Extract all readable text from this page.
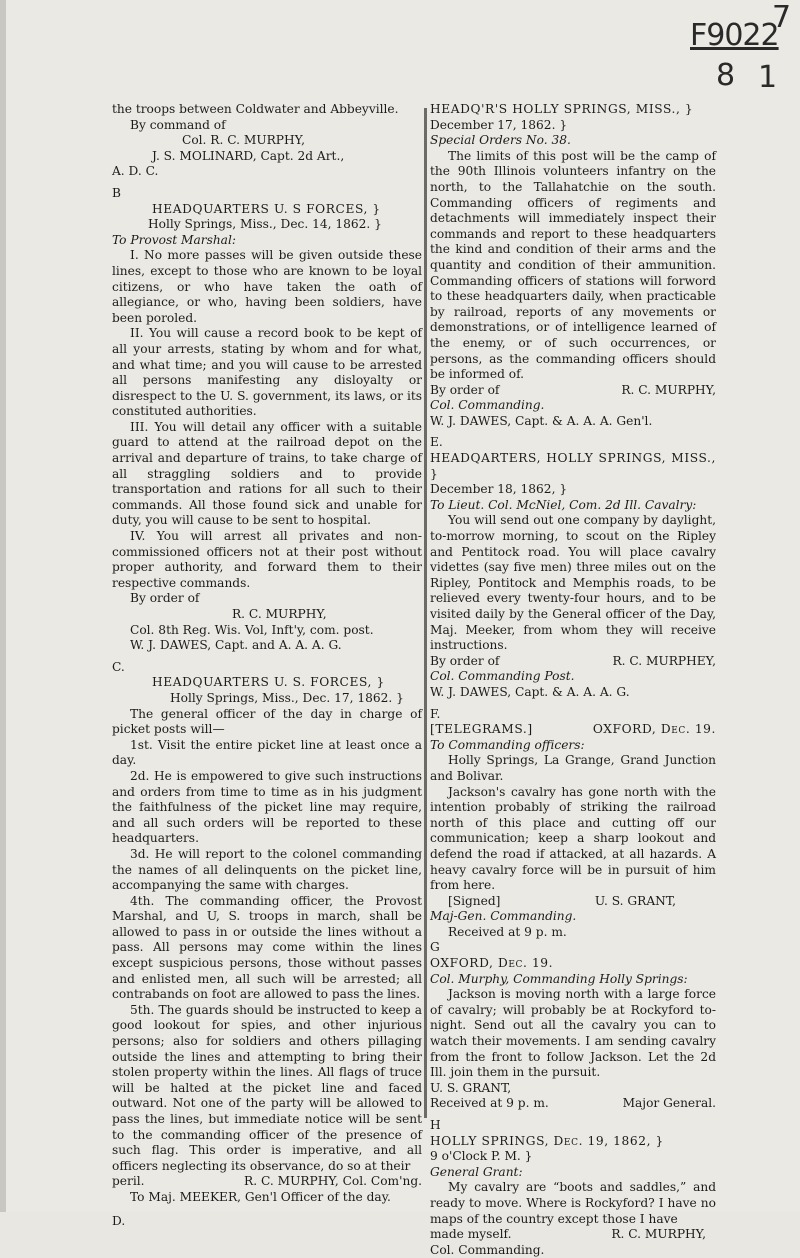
F9022
8 1
7

the troops between Coldwater and Abbeyville.

By command of

Col. R. C. MURPHY,

J. S. MOLINARD, Capt. 2d Art.,

A. D. C.

B

HEADQUARTERS U. S FORCES, }

Holly Springs, Miss., Dec. 14, 1862. }

To Provost Marshal:

I. No more passes will be given outside these lines, except to those who are known to be loyal citizens, or who have taken the oath of allegiance, or who, having been soldiers, have been poroled.

II. You will cause a record book to be kept of all your arrests, stating by whom and for what, and what time; and you will cause to be arrested all persons manifesting any disloyalty or disrespect to the U. S. government, its laws, or its constituted authorities.

III. You will detail any officer with a suitable guard to attend at the railroad depot on the arrival and departure of trains, to take charge of all straggling soldiers and to provide transportation and rations for all such to their commands. All those found sick and unable for duty, you will cause to be sent to hospital.

IV. You will arrest all privates and non-commissioned officers not at their post without proper authority, and forward them to their respective commands.

By order of

R. C. MURPHY,

Col. 8th Reg. Wis. Vol, Inft'y, com. post.

W. J. DAWES, Capt. and A. A. A. G.

C.

HEADQUARTERS U. S. FORCES, }

Holly Springs, Miss., Dec. 17, 1862. }

The general officer of the day in charge of picket posts will—

1st. Visit the entire picket line at least once a day.

2d. He is empowered to give such instructions and orders from time to time as in his judgment the faithfulness of the picket line may require, and all such orders will be reported to these headquarters.

3d. He will report to the colonel commanding the names of all delinquents on the picket line, accompanying the same with charges.

4th. The commanding officer, the Provost Marshal, and U, S. troops in march, shall be allowed to pass in or outside the lines without a pass. All persons may come within the lines except suspicious persons, those without passes and enlisted men, all such will be arrested; all contrabands on foot are allowed to pass the lines.

5th. The guards should be instructed to keep a good lookout for spies, and other injurious persons; also for soldiers and others pillaging outside the lines and attempting to bring their stolen property within the lines. All flags of truce will be halted at the picket line and faced outward. Not one of the party will be allowed to pass the lines, but immediate notice will be sent to the commanding officer of the presence of such flag. This order is imperative, and all officers neglecting its observance, do so at their

peril.	R. C. MURPHY, Col. Com'ng.

To Maj. MEEKER, Gen'l Officer of the day.

D.

HEADQ'R'S HOLLY SPRINGS, MISS., }

December 17, 1862. }

Special Orders No. 38.

The limits of this post will be the camp of the 90th Illinois volunteers infantry on the north, to the Tallahatchie on the south. Commanding officers of regiments and detachments will immediately inspect their commands and report to these headquarters the kind and condition of their arms and the quantity and condition of their ammunition. Commanding officers of stations will forword to these headquarters daily, when practicable by railroad, reports of any movements or demonstrations, or of intelligence learned of the enemy, or of such occurrences, or persons, as the commanding officers should be informed of.

By order of	R. C. MURPHY,

Col. Commanding.

W. J. DAWES, Capt. & A. A. A. Gen'l.

E.

HEADQARTERS, HOLLY SPRINGS, MISS., }

December 18, 1862, }

To Lieut. Col. McNiel, Com. 2d Ill. Cavalry:

You will send out one company by daylight, to-morrow morning, to scout on the Ripley and Pentitock road. You will place cavalry videttes (say five men) three miles out on the Ripley, Pontitock and Memphis roads, to be relieved every twenty-four hours, and to be visited daily by the General officer of the Day, Maj. Meeker, from whom they will receive instructions.

By order of	R. C. MURPHEY,

Col. Commanding Post.

W. J. DAWES, Capt. & A. A. A. G.

F.

[TELEGRAMS.]	OXFORD, Dec. 19.

To Commanding officers:

Holly Springs, La Grange, Grand Junction and Bolivar.

Jackson's cavalry has gone north with the intention probably of striking the railroad north of this place and cutting off our communication; keep a sharp lookout and defend the road if attacked, at all hazards. A heavy cavalry force will be in pursuit of him from here.

[Signed]	U. S. GRANT,

Maj-Gen. Commanding.

Received at 9 p. m.

G

OXFORD, Dec. 19.

Col. Murphy, Commanding Holly Springs:

Jackson is moving north with a large force of cavalry; will probably be at Rockyford to-night. Send out all the cavalry you can to watch their movements. I am sending cavalry from the front to follow Jackson. Let the 2d Ill. join them in the pursuit.

U. S. GRANT,

Received at 9 p. m.	Major General.

H

HOLLY SPRINGS, Dec. 19, 1862, }

9 o'Clock P. M. }

General Grant:

My cavalry are “boots and saddles,” and ready to move. Where is Rockyford? I have no maps of the country except those I have

made myself.	R. C. MURPHY,

Col. Commanding.
